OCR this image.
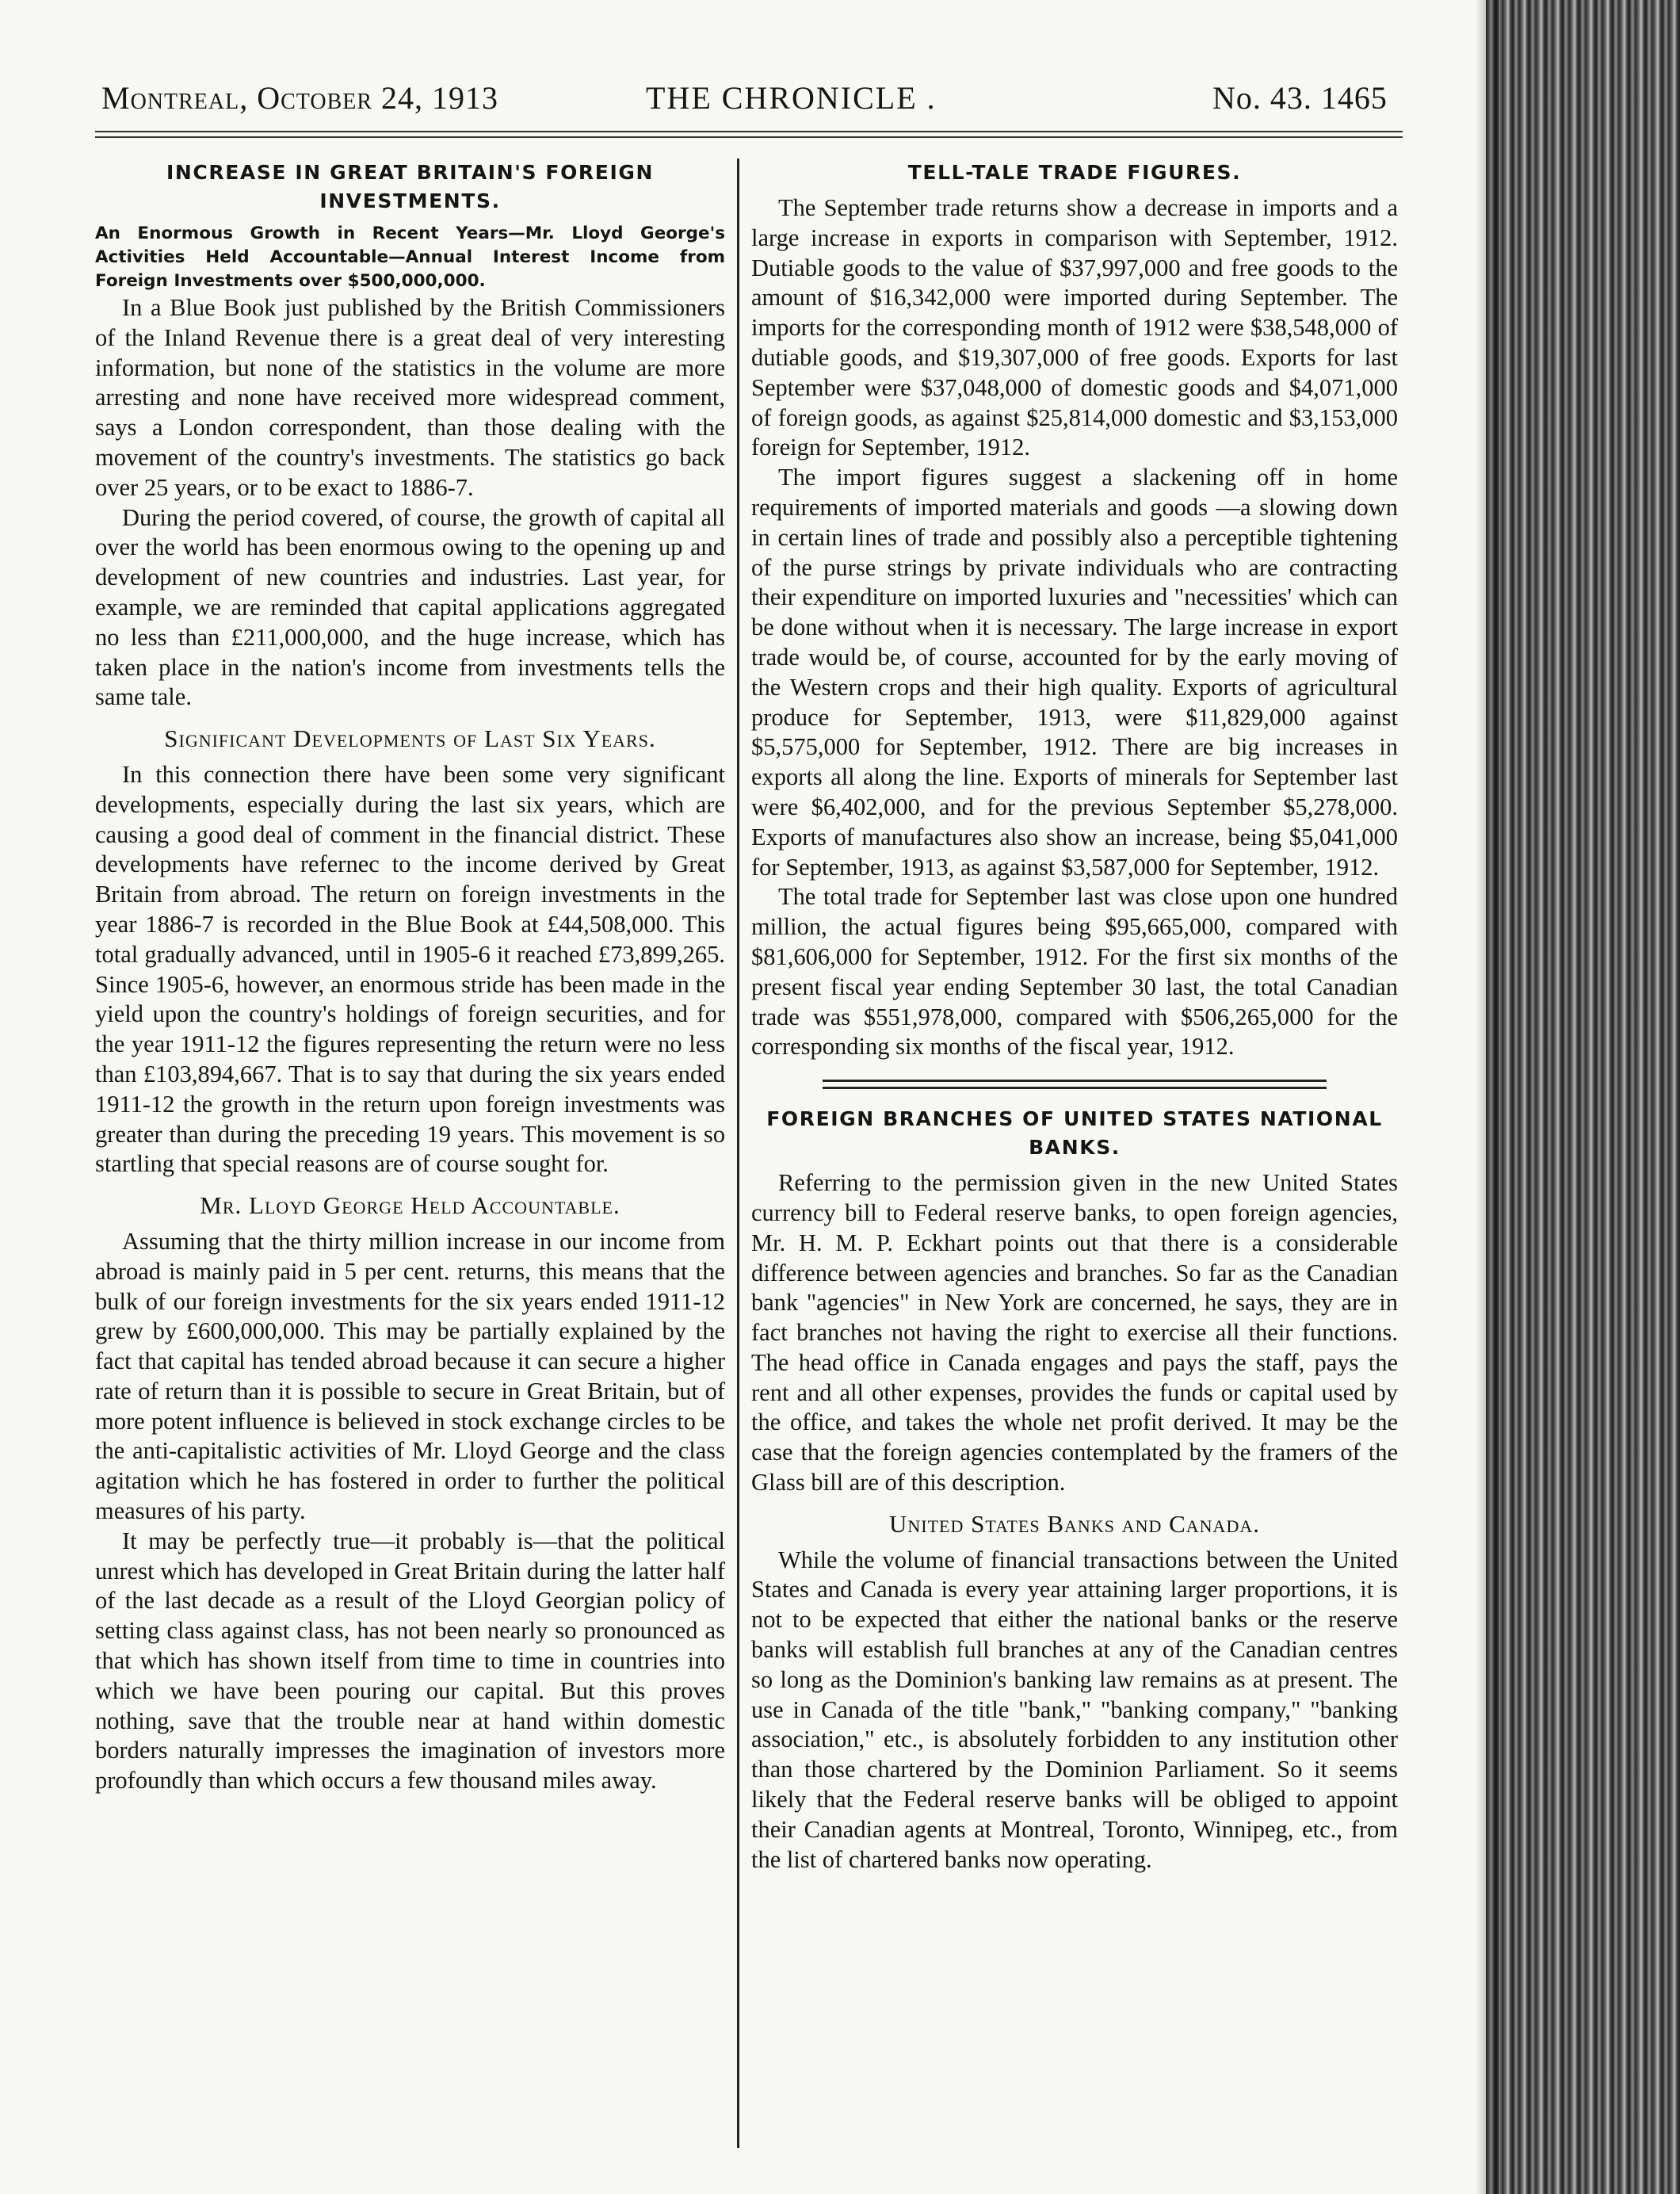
Montreal, October 24, 1913	THE CHRONICLE .	No. 43. 1465
INCREASE IN GREAT BRITAIN'S FOREIGN INVESTMENTS.

An Enormous Growth in Recent Years—Mr. Lloyd George's Activities Held Accountable—Annual Interest Income from Foreign Investments over $500,000,000.

In a Blue Book just published by the British Commissioners of the Inland Revenue there is a great deal of very interesting information, but none of the statistics in the volume are more arresting and none have received more widespread comment, says a London correspondent, than those dealing with the movement of the country's investments. The statistics go back over 25 years, or to be exact to 1886-7.

During the period covered, of course, the growth of capital all over the world has been enormous owing to the opening up and development of new countries and industries. Last year, for example, we are reminded that capital applications aggregated no less than £211,000,000, and the huge increase, which has taken place in the nation's income from investments tells the same tale.

Significant Developments of Last Six Years.

In this connection there have been some very significant developments, especially during the last six years, which are causing a good deal of comment in the financial district. These developments have refernec to the income derived by Great Britain from abroad. The return on foreign investments in the year 1886-7 is recorded in the Blue Book at £44,508,000. This total gradually advanced, until in 1905-6 it reached £73,899,265. Since 1905-6, however, an enormous stride has been made in the yield upon the country's holdings of foreign securities, and for the year 1911-12 the figures representing the return were no less than £103,894,667. That is to say that during the six years ended 1911-12 the growth in the return upon foreign investments was greater than during the preceding 19 years. This movement is so startling that special reasons are of course sought for.

Mr. Lloyd George Held Accountable.

Assuming that the thirty million increase in our income from abroad is mainly paid in 5 per cent. returns, this means that the bulk of our foreign investments for the six years ended 1911-12 grew by £600,000,000. This may be partially explained by the fact that capital has tended abroad because it can secure a higher rate of return than it is possible to secure in Great Britain, but of more potent influence is believed in stock exchange circles to be the anti-capitalistic activities of Mr. Lloyd George and the class agitation which he has fostered in order to further the political measures of his party.

It may be perfectly true—it probably is—that the political unrest which has developed in Great Britain during the latter half of the last decade as a result of the Lloyd Georgian policy of setting class against class, has not been nearly so pronounced as that which has shown itself from time to time in countries into which we have been pouring our capital. But this proves nothing, save that the trouble near at hand within domestic borders naturally impresses the imagination of investors more profoundly than which occurs a few thousand miles away.

TELL-TALE TRADE FIGURES.

The September trade returns show a decrease in imports and a large increase in exports in comparison with September, 1912. Dutiable goods to the value of $37,997,000 and free goods to the amount of $16,342,000 were imported during September. The imports for the corresponding month of 1912 were $38,548,000 of dutiable goods, and $19,307,000 of free goods. Exports for last September were $37,048,000 of domestic goods and $4,071,000 of foreign goods, as against $25,814,000 domestic and $3,153,000 foreign for September, 1912.

The import figures suggest a slackening off in home requirements of imported materials and goods —a slowing down in certain lines of trade and possibly also a perceptible tightening of the purse strings by private individuals who are contracting their expenditure on imported luxuries and "necessities' which can be done without when it is necessary. The large increase in export trade would be, of course, accounted for by the early moving of the Western crops and their high quality. Exports of agricultural produce for September, 1913, were $11,829,000 against $5,575,000 for September, 1912. There are big increases in exports all along the line. Exports of minerals for September last were $6,402,000, and for the previous September $5,278,000. Exports of manufactures also show an increase, being $5,041,000 for September, 1913, as against $3,587,000 for September, 1912.

The total trade for September last was close upon one hundred million, the actual figures being $95,665,000, compared with $81,606,000 for September, 1912. For the first six months of the present fiscal year ending September 30 last, the total Canadian trade was $551,978,000, compared with $506,265,000 for the corresponding six months of the fiscal year, 1912.

FOREIGN BRANCHES OF UNITED STATES NATIONAL BANKS.

Referring to the permission given in the new United States currency bill to Federal reserve banks, to open foreign agencies, Mr. H. M. P. Eckhart points out that there is a considerable difference between agencies and branches. So far as the Canadian bank "agencies" in New York are concerned, he says, they are in fact branches not having the right to exercise all their functions. The head office in Canada engages and pays the staff, pays the rent and all other expenses, provides the funds or capital used by the office, and takes the whole net profit derived. It may be the case that the foreign agencies contemplated by the framers of the Glass bill are of this description.

United States Banks and Canada.

While the volume of financial transactions between the United States and Canada is every year attaining larger proportions, it is not to be expected that either the national banks or the reserve banks will establish full branches at any of the Canadian centres so long as the Dominion's banking law remains as at present. The use in Canada of the title "bank," "banking company," "banking association," etc., is absolutely forbidden to any institution other than those chartered by the Dominion Parliament. So it seems likely that the Federal reserve banks will be obliged to appoint their Canadian agents at Montreal, Toronto, Winnipeg, etc., from the list of chartered banks now operating.
